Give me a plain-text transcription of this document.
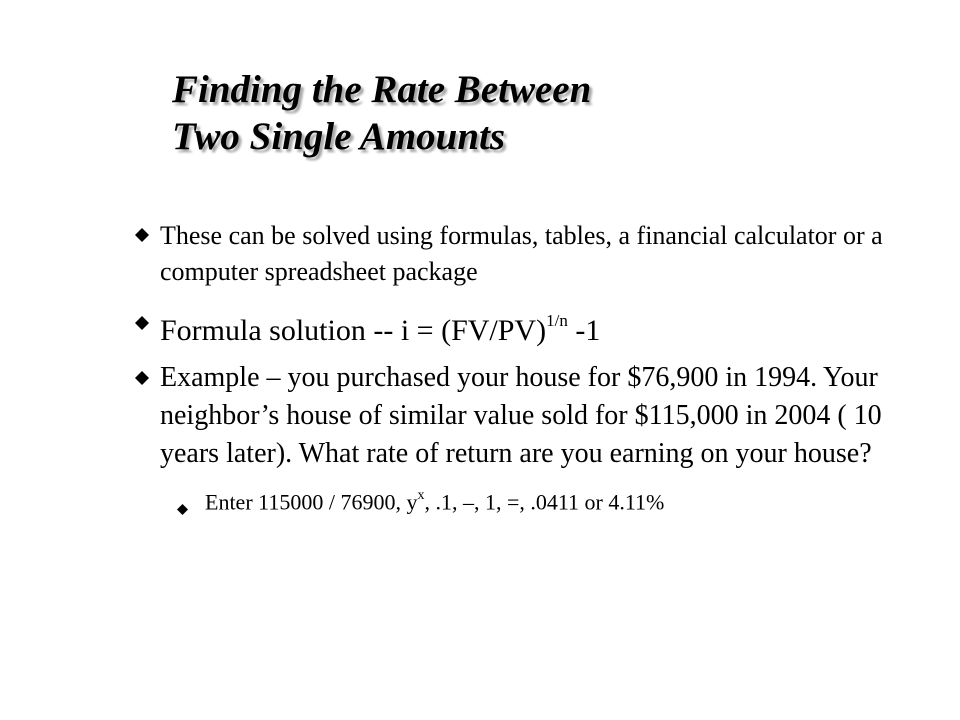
Finding the Rate Between
Two Single Amounts
These can be solved using formulas, tables, a financial calculator or a computer spreadsheet package
Formula solution -- $i = (FV/PV)^{1/n}$ -1
Example – you purchased your house for $76,900 in 1994. Your neighbor’s house of similar value sold for $115,000 in 2004 ( 10 years later). What rate of return are you earning on your house?
Enter 115000 / 76900, $y^x$, .1, –, 1, =, .0411 or 4.11%
